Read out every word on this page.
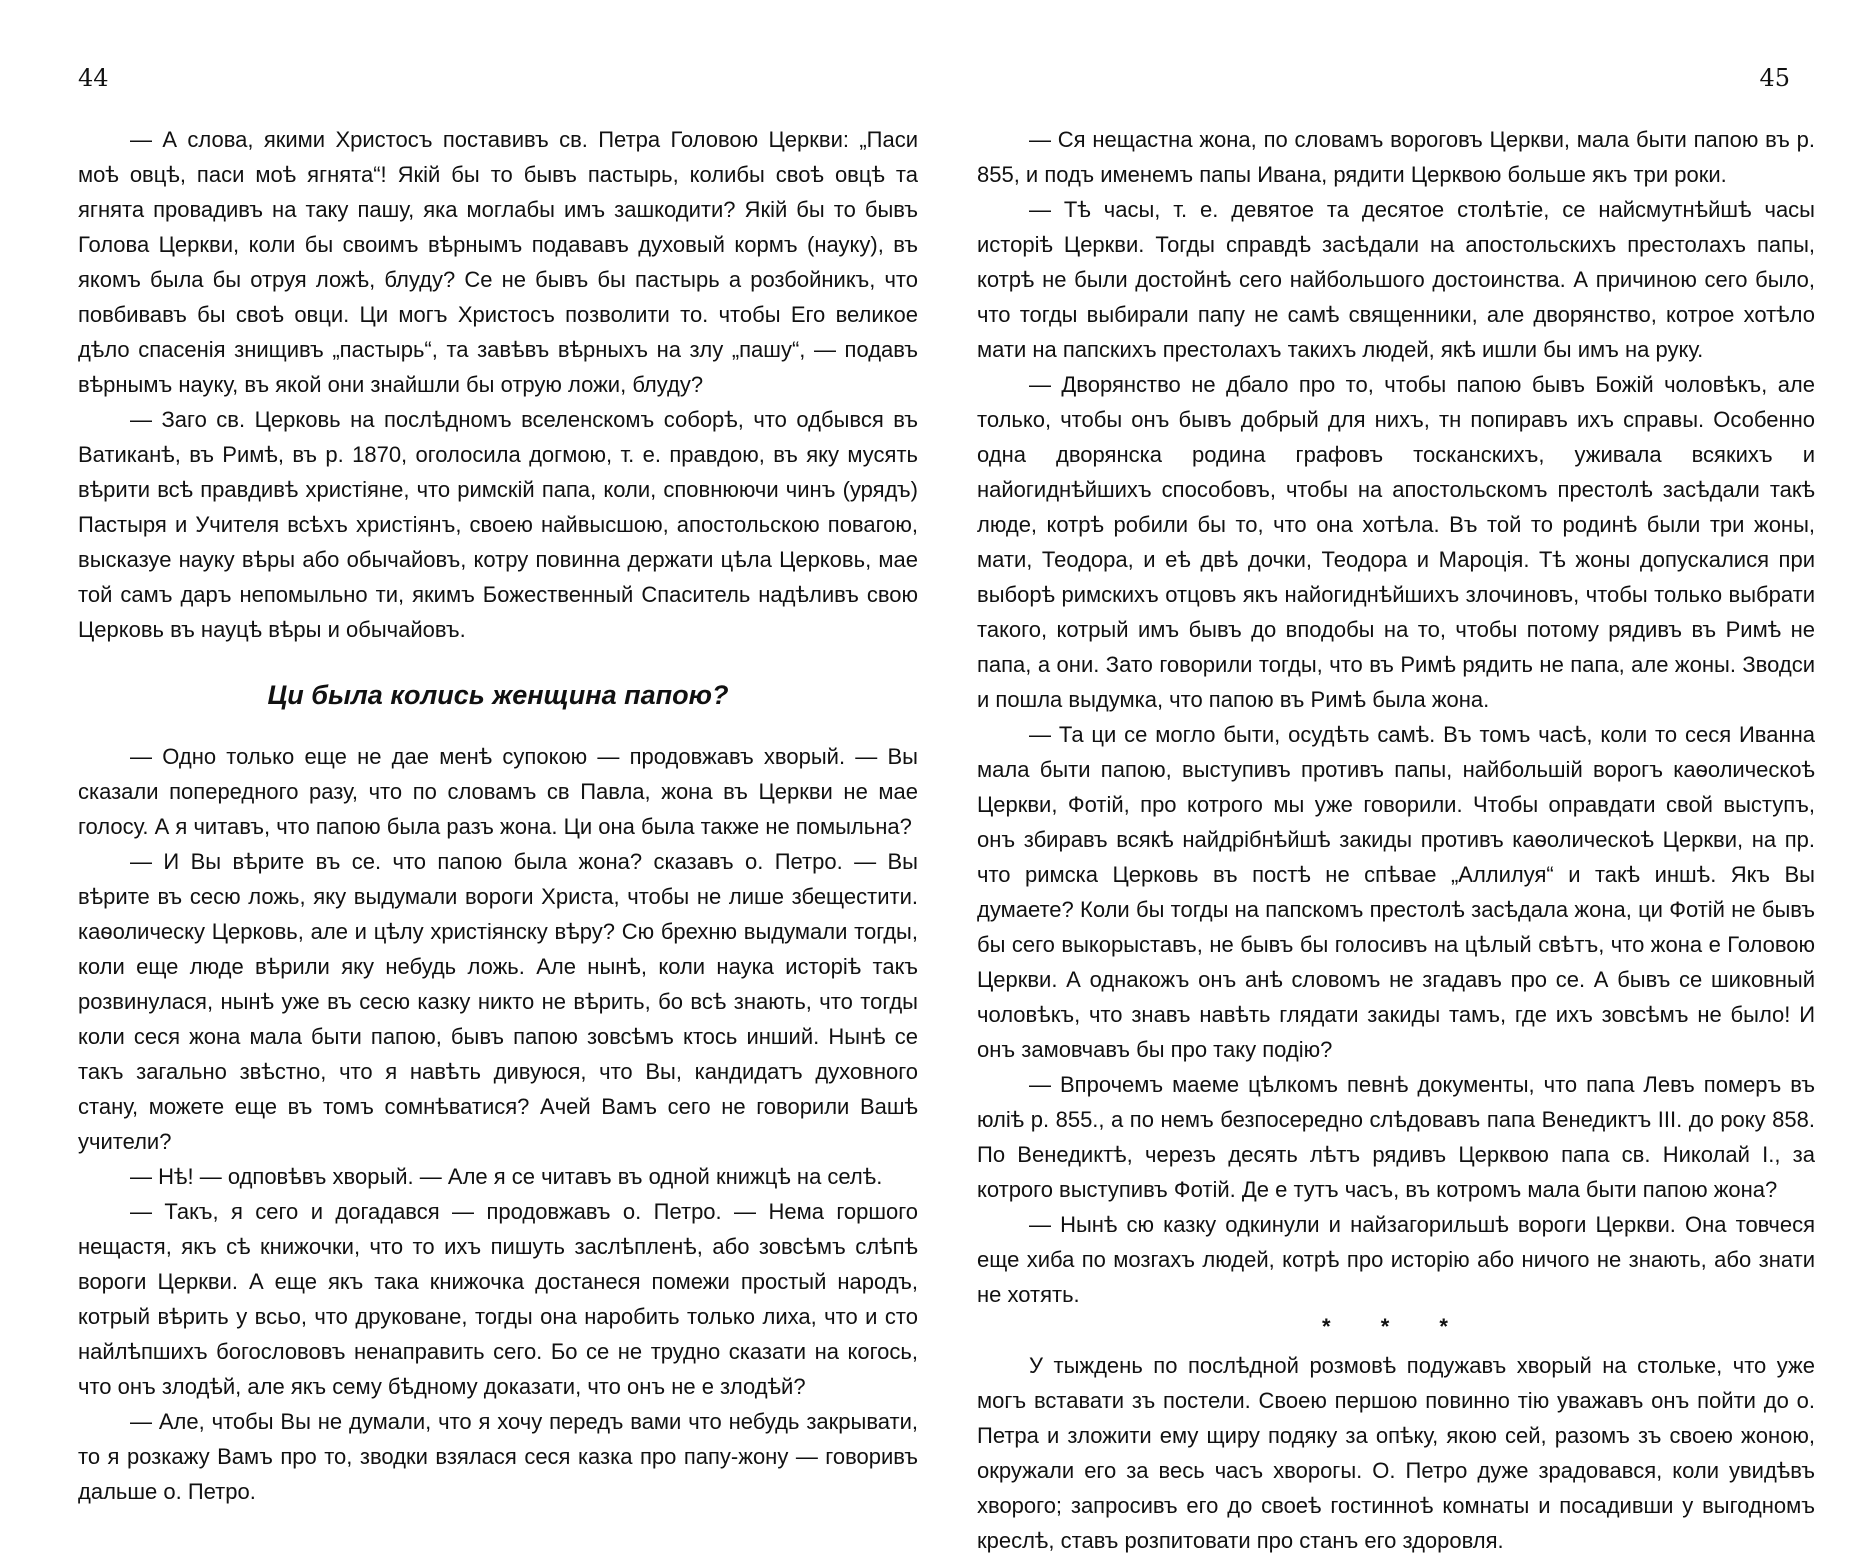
44

— А слова, якими Христосъ поставивъ св. Петра Головою Церкви: „Паси моѣ овцѣ, паси моѣ ягнята“! Якій бы то бывъ пастырь, колибы своѣ овцѣ та ягнята провадивъ на таку пашу, яка моглабы имъ зашкодити? Якій бы то бывъ Голова Церкви, коли бы своимъ вѣрнымъ подававъ духовый кормъ (науку), въ якомъ была бы отруя ложѣ, блуду? Се не бывъ бы пастырь а розбойникъ, что повбивавъ бы своѣ овци. Ци могъ Христосъ позволити то. чтобы Его великое дѣло спасенія знищивъ „пастырь“, та завѣвъ вѣрныхъ на злу „пашу“, — подавъ вѣрнымъ науку, въ якой они знайшли бы отрую ложи, блуду?

— Заго св. Церковь на послѣдномъ вселенскомъ соборѣ, что одбывся въ Ватиканѣ, въ Римѣ, въ р. 1870, оголосила догмою, т. е. правдою, въ яку мусять вѣрити всѣ правдивѣ христіяне, что римскій папа, коли, сповнюючи чинъ (урядъ) Пастыря и Учителя всѣхъ христіянъ, своею найвысшою, апостольскою повагою, высказуе науку вѣры або обычайовъ, котру повинна держати цѣла Церковь, мае той самъ даръ непомыльно ти, якимъ Божественный Спаситель надѣливъ свою Церковь въ науцѣ вѣры и обычайовъ.

Ци была колись женщина папою?

— Одно только еще не дае менѣ супокою — продовжавъ хворый. — Вы сказали попередного разу, что по словамъ св Павла, жона въ Церкви не мае голосу. А я читавъ, что папою была разъ жона. Ци она была также не помыльна?

— И Вы вѣрите въ се. что папою была жона? сказавъ о. Петро. — Вы вѣрите въ сесю ложь, яку выдумали вороги Христа, чтобы не лише збещестити. каѳолическу Церковь, але и цѣлу христіянску вѣру? Сю брехню выдумали тогды, коли еще люде вѣрили яку небудь ложь. Але нынѣ, коли наука исторіѣ такъ розвинулася, нынѣ уже въ сесю казку никто не вѣрить, бо всѣ знають, что тогды коли сеся жона мала быти папою, бывъ папою зовсѣмъ ктось инший. Нынѣ се такъ загально звѣстно, что я навѣть дивуюся, что Вы, кандидатъ духовного стану, можете еще въ томъ сомнѣватися? Ачей Вамъ сего не говорили Вашѣ учители?

— Нѣ! — одповѣвъ хворый. — Але я се читавъ въ одной книжцѣ на селѣ.

— Такъ, я сего и догадався — продовжавъ о. Петро. — Нема горшого нещастя, якъ сѣ книжочки, что то ихъ пишуть заслѣпленѣ, або зовсѣмъ слѣпѣ вороги Церкви. А еще якъ така книжочка достанеся помежи простый народъ, котрый вѣрить у всьо, что друковане, тогды она наробить только лиха, что и сто найлѣпшихъ богослововъ ненаправить сего. Бо се не трудно сказати на когось, что онъ злодѣй, але якъ сему бѣдному доказати, что онъ не е злодѣй?

— Але, чтобы Вы не думали, что я хочу передъ вами что небудь закрывати, то я розкажу Вамъ про то, зводки взялася сеся казка про папу-жону — говоривъ дальше о. Петро.

45

— Ся нещастна жона, по словамъ вороговъ Церкви, мала быти папою въ р. 855, и подъ именемъ папы Ивана, рядити Церквою больше якъ три роки.

— Тѣ часы, т. е. девятое та десятое столѣтіе, се найсмутнѣйшѣ часы исторіѣ Церкви. Тогды справдѣ засѣдали на апостольскихъ престолахъ папы, котрѣ не были достойнѣ сего найбольшого достоинства. А причиною сего было, что тогды выбирали папу не самѣ священники, але дворянство, котрое хотѣло мати на папскихъ престолахъ такихъ людей, якѣ ишли бы имъ на руку.

— Дворянство не дбало про то, чтобы папою бывъ Божій чоловѣкъ, але только, чтобы онъ бывъ добрый для нихъ, тн попиравъ ихъ справы. Особенно одна дворянска родина графовъ тосканскихъ, уживала всякихъ и найогиднѣйшихъ способовъ, чтобы на апостольскомъ престолѣ засѣдали такѣ люде, котрѣ робили бы то, что она хотѣла. Въ той то родинѣ были три жоны, мати, Теодора, и еѣ двѣ дочки, Теодора и Мароція. Тѣ жоны допускалися при выборѣ римскихъ отцовъ якъ найогиднѣйшихъ злочиновъ, чтобы только выбрати такого, котрый имъ бывъ до вподобы на то, чтобы потому рядивъ въ Римѣ не папа, а они. Зато говорили тогды, что въ Римѣ рядить не папа, але жоны. Зводси и пошла выдумка, что папою въ Римѣ была жона.

— Та ци се могло быти, осудѣть самѣ. Въ томъ часѣ, коли то сеся Иванна мала быти папою, выступивъ противъ папы, найбольшій ворогъ каѳолическоѣ Церкви, Фотій, про котрого мы уже говорили. Чтобы оправдати свой выступъ, онъ збиравъ всякѣ найдрібнѣйшѣ закиды противъ каѳолическоѣ Церкви, на пр. что римска Церковь въ постѣ не спѣвае „Аллилуя“ и такѣ иншѣ. Якъ Вы думаете? Коли бы тогды на папскомъ престолѣ засѣдала жона, ци Фотій не бывъ бы сего выкорыставъ, не бывъ бы голосивъ на цѣлый свѣтъ, что жона е Головою Церкви. А однакожъ онъ анѣ словомъ не згадавъ про се. А бывъ се шиковный чоловѣкъ, что знавъ навѣть глядати закиды тамъ, где ихъ зовсѣмъ не было! И онъ замовчавъ бы про таку подію?

— Впрочемъ маеме цѣлкомъ певнѣ документы, что папа Левъ померъ въ юліѣ р. 855., а по немъ безпосередно слѣдовавъ папа Венедиктъ III. до року 858. По Венедиктѣ, черезъ десять лѣтъ рядивъ Церквою папа св. Николай I., за котрого выступивъ Фотій. Де е тутъ часъ, въ котромъ мала быти папою жона?

— Нынѣ сю казку одкинули и найзагорильшѣ вороги Церкви. Она товчеся еще хиба по мозгахъ людей, котрѣ про исторію або ничого не знають, або знати не хотять.

* * *

У тыждень по послѣдной розмовѣ подужавъ хворый на стольке, что уже могъ вставати зъ постели. Своею першою повинно тію уважавъ онъ пойти до о. Петра и зложити ему щиру подяку за опѣку, якою сей, разомъ зъ своею жоною, окружали его за весь часъ хворогы. О. Петро дуже зрадовався, коли увидѣвъ хворого; запросивъ его до своеѣ гостинноѣ комнаты и посадивши у выгодномъ креслѣ, ставъ розпитовати про станъ его здоровля.
